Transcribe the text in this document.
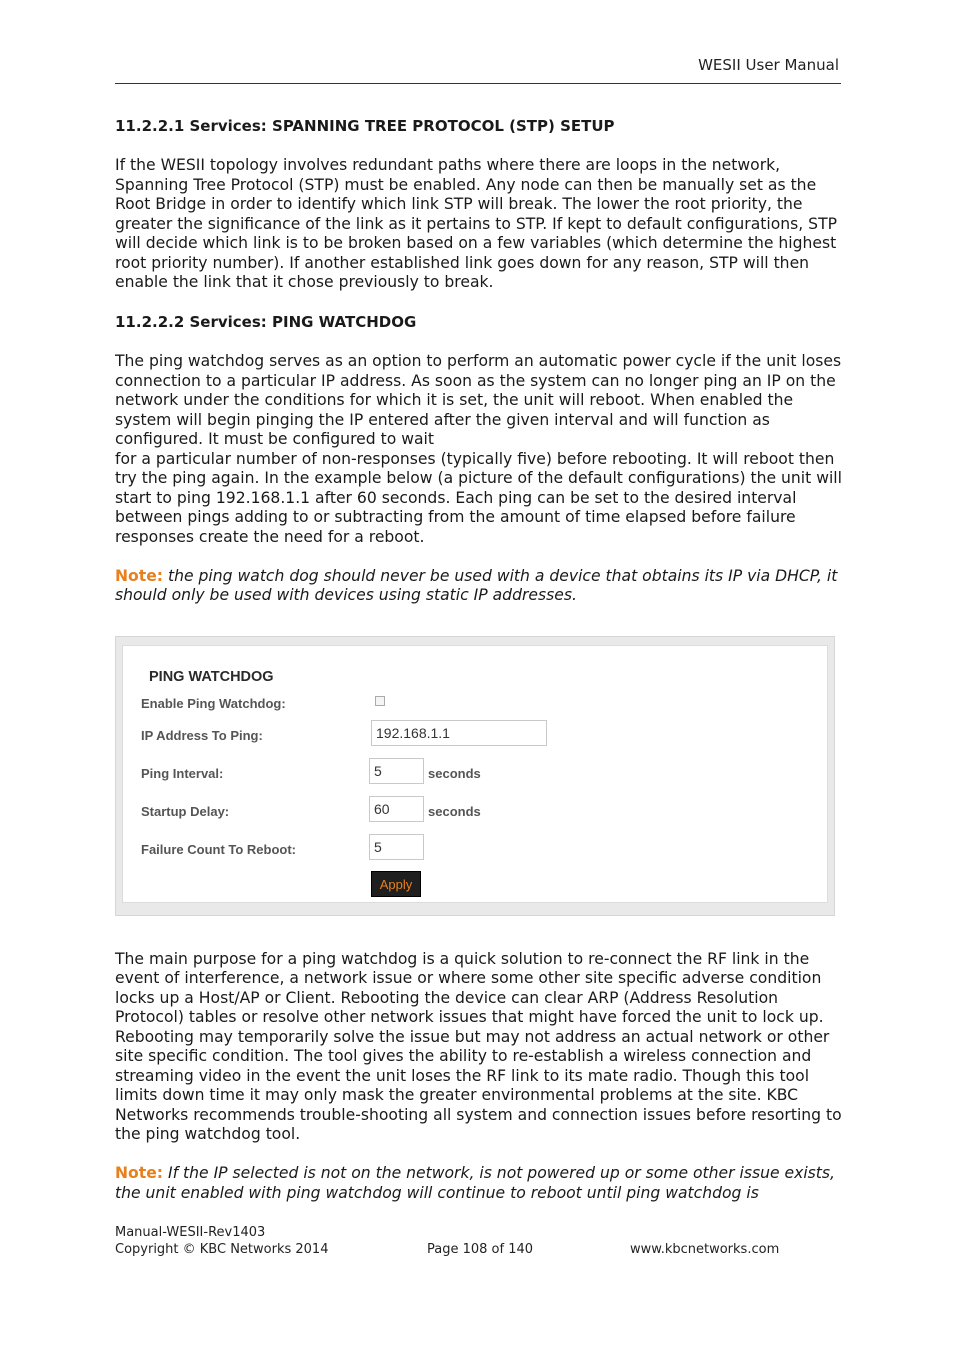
WESII User Manual
11.2.2.1 Services: SPANNING TREE PROTOCOL (STP) SETUP

If the WESII topology involves redundant paths where there are loops in the network, Spanning Tree Protocol (STP) must be enabled. Any node can then be manually set as the Root Bridge in order to identify which link STP will break. The lower the root priority, the greater the significance of the link as it pertains to STP. If kept to default configurations, STP will decide which link is to be broken based on a few variables (which determine the highest root priority number). If another established link goes down for any reason, STP will then enable the link that it chose previously to break.

11.2.2.2 Services: PING WATCHDOG

The ping watchdog serves as an option to perform an automatic power cycle if the unit loses connection to a particular IP address. As soon as the system can no longer ping an IP on the network under the conditions for which it is set, the unit will reboot. When enabled the system will begin pinging the IP entered after the given interval and will function as configured. It must be configured to wait

for a particular number of non-responses (typically five) before rebooting. It will reboot then try the ping again. In the example below (a picture of the default configurations) the unit will start to ping 192.168.1.1 after 60 seconds. Each ping can be set to the desired interval between pings adding to or subtracting from the amount of time elapsed before failure responses create the need for a reboot.

Note: the ping watch dog should never be used with a device that obtains its IP via DHCP, it should only be used with devices using static IP addresses.

PING WATCHDOG
Enable Ping Watchdog:
IP Address To Ping:	192.168.1.1
Ping Interval:	5	seconds
Startup Delay:	60	seconds
Failure Count To Reboot:	5
Apply

The main purpose for a ping watchdog is a quick solution to re-connect the RF link in the event of interference, a network issue or where some other site specific adverse condition locks up a Host/AP or Client. Rebooting the device can clear ARP (Address Resolution Protocol) tables or resolve other network issues that might have forced the unit to lock up. Rebooting may temporarily solve the issue but may not address an actual network or other site specific condition. The tool gives the ability to re-establish a wireless connection and streaming video in the event the unit loses the RF link to its mate radio. Though this tool limits down time it may only mask the greater environmental problems at the site. KBC Networks recommends trouble-shooting all system and connection issues before resorting to the ping watchdog tool.

Note: If the IP selected is not on the network, is not powered up or some other issue exists, the unit enabled with ping watchdog will continue to reboot until ping watchdog is

Manual-WESII-Rev1403
Copyright © KBC Networks 2014	Page 108 of 140	www.kbcnetworks.com
